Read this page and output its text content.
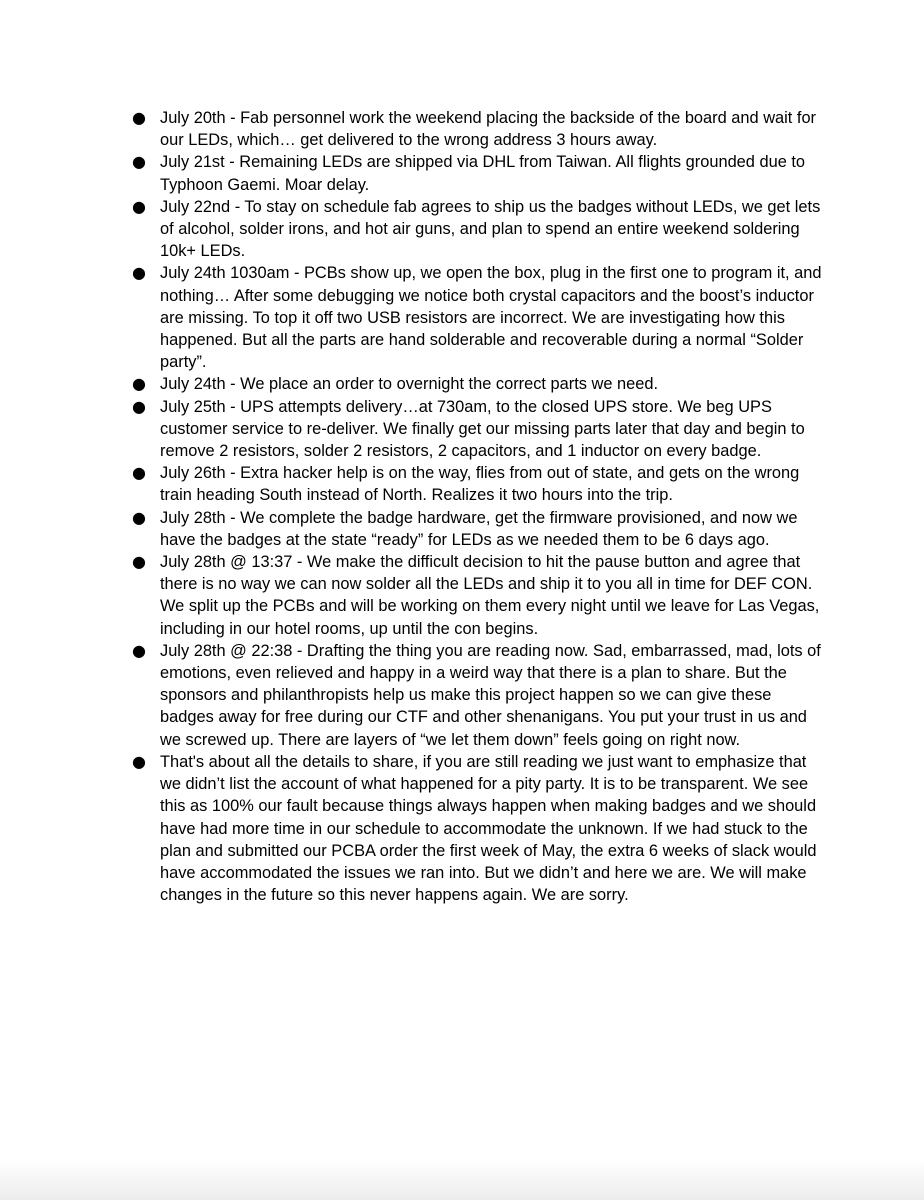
● July 20th - Fab personnel work the weekend placing the backside of the board and wait for our LEDs, which… get delivered to the wrong address 3 hours away.
● July 21st - Remaining LEDs are shipped via DHL from Taiwan. All flights grounded due to Typhoon Gaemi. Moar delay.
● July 22nd - To stay on schedule fab agrees to ship us the badges without LEDs, we get lets of alcohol, solder irons, and hot air guns, and plan to spend an entire weekend soldering 10k+ LEDs.
● July 24th 1030am - PCBs show up, we open the box, plug in the first one to program it, and nothing… After some debugging we notice both crystal capacitors and the boost’s inductor are missing. To top it off two USB resistors are incorrect. We are investigating how this happened. But all the parts are hand solderable and recoverable during a normal “Solder party”.
● July 24th - We place an order to overnight the correct parts we need.
● July 25th - UPS attempts delivery…at 730am, to the closed UPS store. We beg UPS customer service to re-deliver. We finally get our missing parts later that day and begin to remove 2 resistors, solder 2 resistors, 2 capacitors, and 1 inductor on every badge.
● July 26th - Extra hacker help is on the way, flies from out of state, and gets on the wrong train heading South instead of North. Realizes it two hours into the trip.
● July 28th - We complete the badge hardware, get the firmware provisioned, and now we have the badges at the state “ready” for LEDs as we needed them to be 6 days ago.
● July 28th @ 13:37 - We make the difficult decision to hit the pause button and agree that there is no way we can now solder all the LEDs and ship it to you all in time for DEF CON. We split up the PCBs and will be working on them every night until we leave for Las Vegas, including in our hotel rooms, up until the con begins.
● July 28th @ 22:38 - Drafting the thing you are reading now. Sad, embarrassed, mad, lots of emotions, even relieved and happy in a weird way that there is a plan to share. But the sponsors and philanthropists help us make this project happen so we can give these badges away for free during our CTF and other shenanigans. You put your trust in us and we screwed up. There are layers of “we let them down” feels going on right now.
● That's about all the details to share, if you are still reading we just want to emphasize that we didn’t list the account of what happened for a pity party. It is to be transparent. We see this as 100% our fault because things always happen when making badges and we should have had more time in our schedule to accommodate the unknown. If we had stuck to the plan and submitted our PCBA order the first week of May, the extra 6 weeks of slack would have accommodated the issues we ran into. But we didn’t and here we are. We will make changes in the future so this never happens again. We are sorry.
